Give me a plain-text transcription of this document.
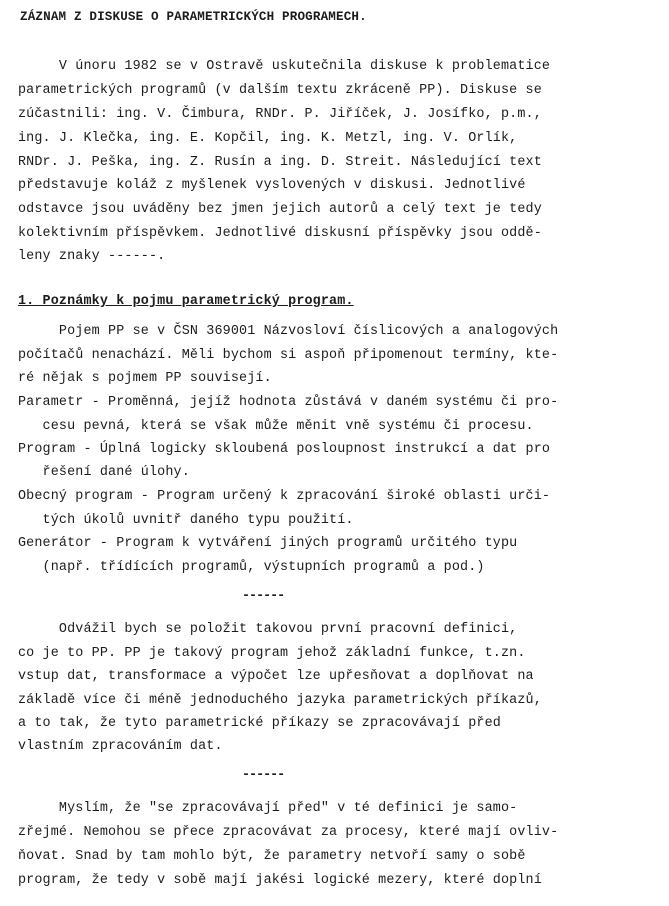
ZÁZNAM Z DISKUSE O PARAMETRICKÝCH PROGRAMECH.
V únoru 1982 se v Ostravě uskutečnila diskuse k problematice
parametrických programů (v dalším textu zkráceně PP). Diskuse se
zúčastnili: ing. V. Čimbura, RNDr. P. Jiříček, J. Josífko, p.m.,
ing. J. Klečka, ing. E. Kopčil, ing. K. Metzl, ing. V. Orlík,
RNDr. J. Peška, ing. Z. Rusín a ing. D. Streit. Následující text
představuje koláž z myšlenek vyslovených v diskusi. Jednotlivé
odstavce jsou uváděny bez jmen jejich autorů a celý text je tedy
kolektivním příspěvkem. Jednotlivé diskusní příspěvky jsou oddě-
leny znaky ------.
1. Poznámky k pojmu parametrický program.
Pojem PP se v ČSN 369001 Názvosloví číslicových a analogových
počítačů nenachází. Měli bychom si aspoň připomenout termíny, kte-
ré nějak s pojmem PP souvisejí.
Parametr - Proměnná, jejíž hodnota zůstává v daném systému či pro-
cesu pevná, která se však může měnit vně systému či procesu.
Program - Úplná logicky skloubená posloupnost instrukcí a dat pro
řešení dané úlohy.
Obecný program - Program určený k zpracování široké oblasti urči-
tých úkolů uvnitř daného typu použití.
Generátor - Program k vytváření jiných programů určitého typu
(např. třídících programů, výstupních programů a pod.)
------
Odvážil bych se položit takovou první pracovní definici,
co je to PP. PP je takový program jehož základní funkce, t.zn.
vstup dat, transformace a výpočet lze upřesňovat a doplňovat na
základě více či méně jednoduchého jazyka parametrických příkazů,
a to tak, že tyto parametrické příkazy se zpracovávají před
vlastním zpracováním dat.
------
Myslím, že "se zpracovávají před" v té definici je samo-
zřejmé. Nemohou se přece zpracovávat za procesy, které mají ovliv-
ňovat. Snad by tam mohlo být, že parametry netvoří samy o sobě
program, že tedy v sobě mají jakési logické mezery, které doplní
